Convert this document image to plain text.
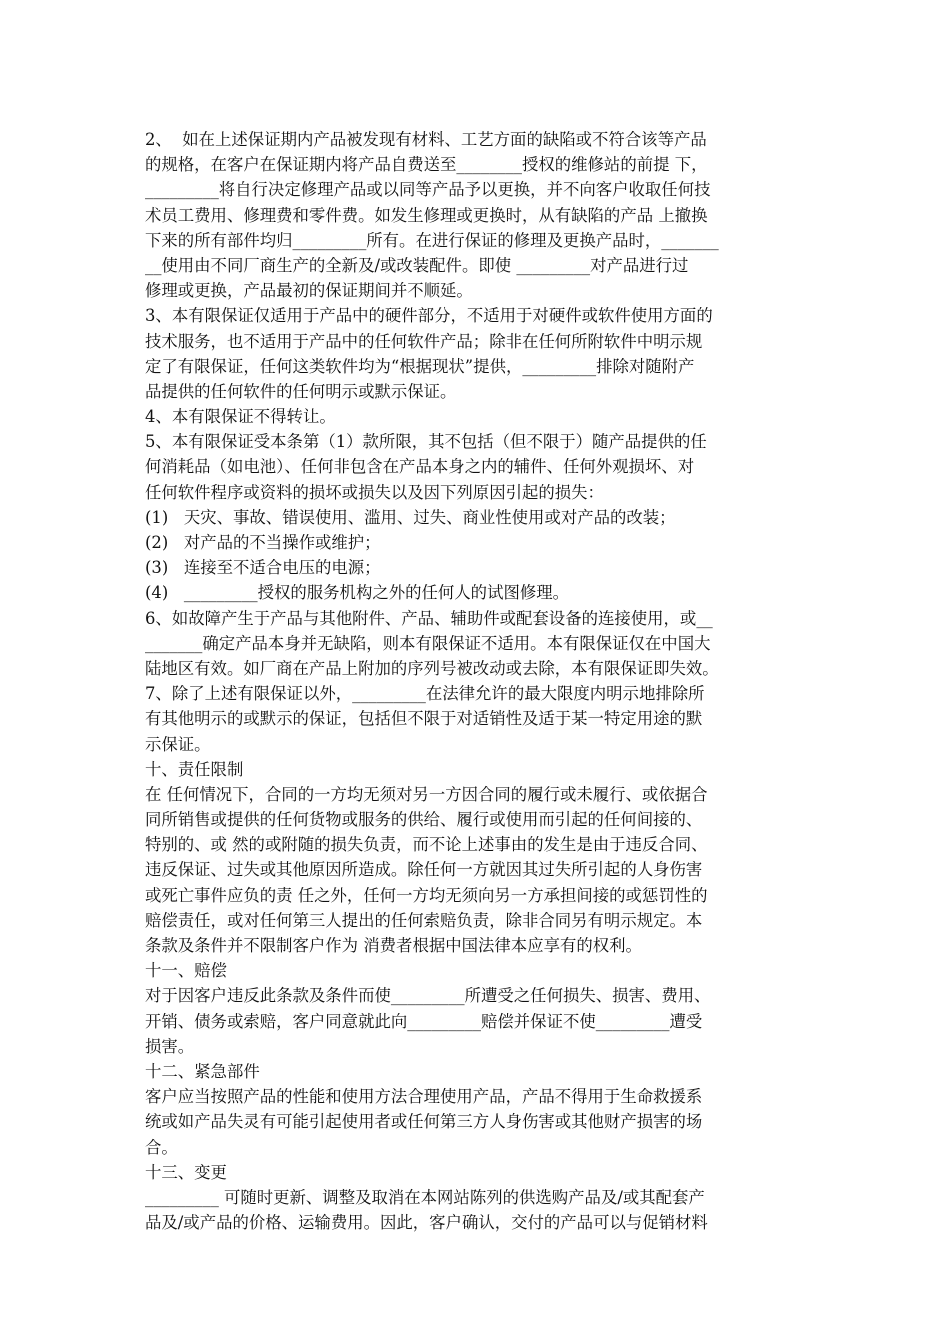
2、  如在上述保证期内产品被发现有材料、工艺方面的缺陷或不符合该等产品
的规格，在客户在保证期内将产品自费送至________授权的维修站的前提 下，
_________将自行决定修理产品或以同等产品予以更换，并不向客户收取任何技
术员工费用、修理费和零件费。如发生修理或更换时，从有缺陷的产品 上撤换
下来的所有部件均归_________所有。在进行保证的修理及更换产品时，_______
__使用由不同厂商生产的全新及/或改装配件。即使 _________对产品进行过
修理或更换，产品最初的保证期间并不顺延。
3、本有限保证仅适用于产品中的硬件部分，不适用于对硬件或软件使用方面的
技术服务，也不适用于产品中的任何软件产品；除非在任何所附软件中明示规
定了有限保证，任何这类软件均为“根据现状”提供，_________排除对随附产
品提供的任何软件的任何明示或默示保证。
4、本有限保证不得转让。
5、本有限保证受本条第（1）款所限，其不包括（但不限于）随产品提供的任
何消耗品（如电池）、任何非包含在产品本身之内的辅件、任何外观损坏、对
任何软件程序或资料的损坏或损失以及因下列原因引起的损失：
(1)   天灾、事故、错误使用、滥用、过失、商业性使用或对产品的改装；
(2)   对产品的不当操作或维护；
(3)   连接至不适合电压的电源；
(4)   _________授权的服务机构之外的任何人的试图修理。
6、如故障产生于产品与其他附件、产品、辅助件或配套设备的连接使用，或__
_______确定产品本身并无缺陷，则本有限保证不适用。本有限保证仅在中国大
陆地区有效。如厂商在产品上附加的序列号被改动或去除，本有限保证即失效。
7、除了上述有限保证以外，_________在法律允许的最大限度内明示地排除所
有其他明示的或默示的保证，包括但不限于对适销性及适于某一特定用途的默
示保证。
十、责任限制
在 任何情况下，合同的一方均无须对另一方因合同的履行或未履行、或依据合
同所销售或提供的任何货物或服务的供给、履行或使用而引起的任何间接的、
特别的、或 然的或附随的损失负责，而不论上述事由的发生是由于违反合同、
违反保证、过失或其他原因所造成。除任何一方就因其过失所引起的人身伤害
或死亡事件应负的责 任之外，任何一方均无须向另一方承担间接的或惩罚性的
赔偿责任，或对任何第三人提出的任何索赔负责，除非合同另有明示规定。本
条款及条件并不限制客户作为 消费者根据中国法律本应享有的权利。
十一、赔偿
对于因客户违反此条款及条件而使_________所遭受之任何损失、损害、费用、
开销、债务或索赔，客户同意就此向_________赔偿并保证不使_________遭受
损害。
十二、紧急部件
客户应当按照产品的性能和使用方法合理使用产品，产品不得用于生命救援系
统或如产品失灵有可能引起使用者或任何第三方人身伤害或其他财产损害的场
合。
十三、变更
_________ 可随时更新、调整及取消在本网站陈列的供选购产品及/或其配套产
品及/或产品的价格、运输费用。因此，客户确认，交付的产品可以与促销材料
